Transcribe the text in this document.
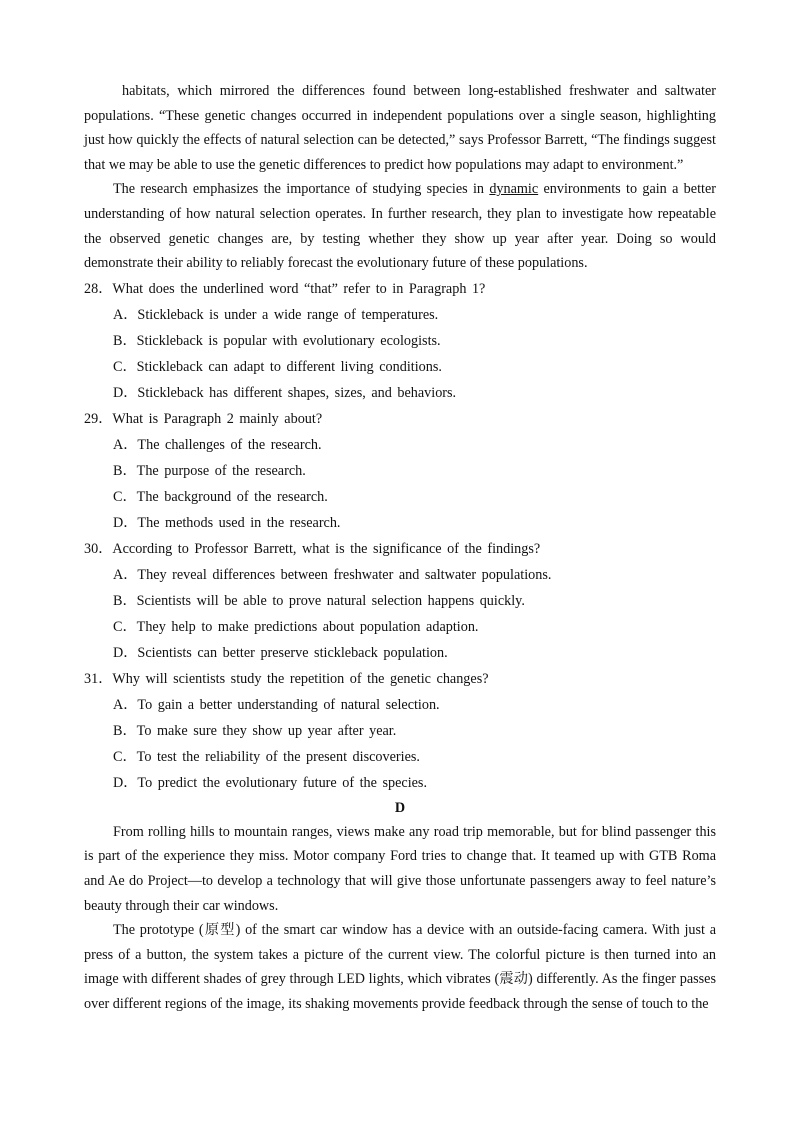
habitats, which mirrored the differences found between long-established freshwater and saltwater populations. “These genetic changes occurred in independent populations over a single season, highlighting just how quickly the effects of natural selection can be detected,” says Professor Barrett, “The findings suggest that we may be able to use the genetic differences to predict how populations may adapt to environment.”

The research emphasizes the importance of studying species in dynamic environments to gain a better understanding of how natural selection operates. In further research, they plan to investigate how repeatable the observed genetic changes are, by testing whether they show up year after year. Doing so would demonstrate their ability to reliably forecast the evolutionary future of these populations.

28．What does the underlined word “that” refer to in Paragraph 1?

A．Stickleback is under a wide range of temperatures.

B．Stickleback is popular with evolutionary ecologists.

C．Stickleback can adapt to different living conditions.

D．Stickleback has different shapes, sizes, and behaviors.

29．What is Paragraph 2 mainly about?

A．The challenges of the research.

B．The purpose of the research.

C．The background of the research.

D．The methods used in the research.

30．According to Professor Barrett, what is the significance of the findings?

A．They reveal differences between freshwater and saltwater populations.

B．Scientists will be able to prove natural selection happens quickly.

C．They help to make predictions about population adaption.

D．Scientists can better preserve stickleback population.

31．Why will scientists study the repetition of the genetic changes?

A．To gain a better understanding of natural selection.

B．To make sure they show up year after year.

C．To test the reliability of the present discoveries.

D．To predict the evolutionary future of the species.

D

From rolling hills to mountain ranges, views make any road trip memorable, but for blind passenger this is part of the experience they miss. Motor company Ford tries to change that. It teamed up with GTB Roma and Ae do Project—to develop a technology that will give those unfortunate passengers away to feel nature’s beauty through their car windows.

The prototype (原型) of the smart car window has a device with an outside-facing camera. With just a press of a button, the system takes a picture of the current view. The colorful picture is then turned into an image with different shades of grey through LED lights, which vibrates (震动) differently. As the finger passes over different regions of the image, its shaking movements provide feedback through the sense of touch to the
